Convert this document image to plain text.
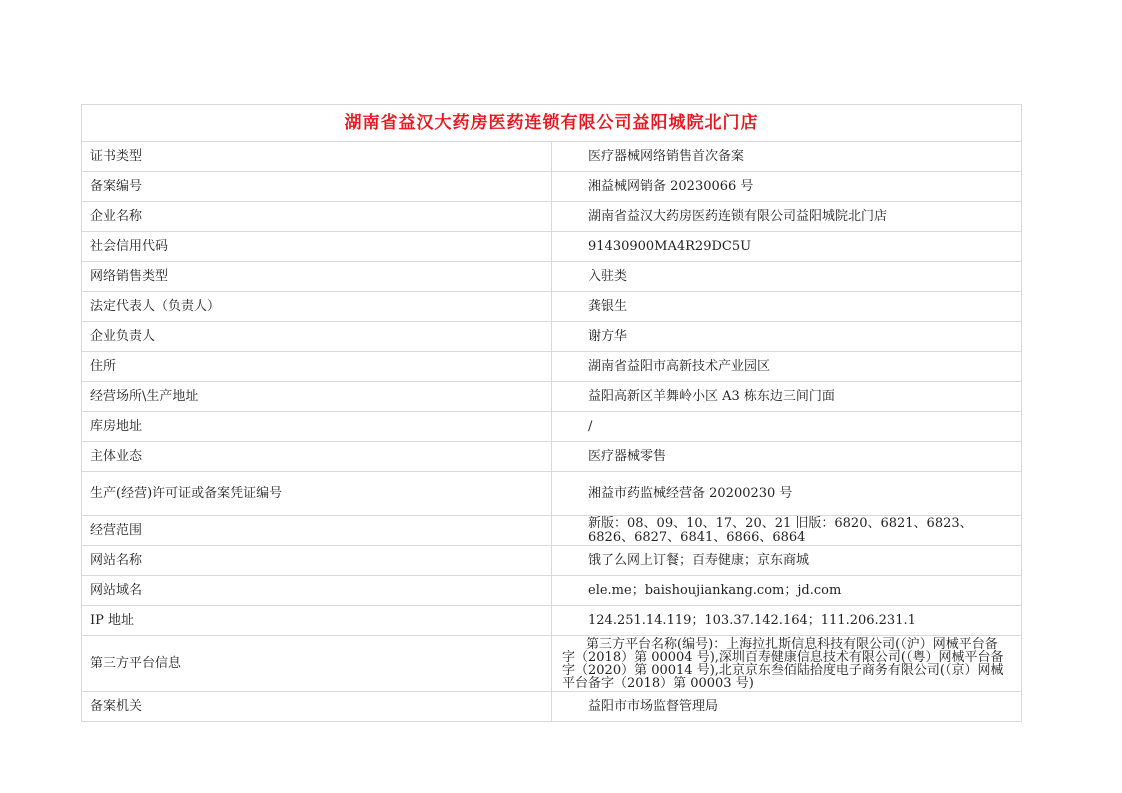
湖南省益汉大药房医药连锁有限公司益阳城院北门店	
证书类型	医疗器械网络销售首次备案
备案编号	湘益械网销备 20230066 号
企业名称	湖南省益汉大药房医药连锁有限公司益阳城院北门店
社会信用代码	91430900MA4R29DC5U
网络销售类型	入驻类
法定代表人（负责人）	龚银生
企业负责人	谢方华
住所	湖南省益阳市高新技术产业园区
经营场所\生产地址	益阳高新区羊舞岭小区 A3 栋东边三间门面
库房地址	/
主体业态	医疗器械零售
生产(经营)许可证或备案凭证编号	湘益市药监械经营备 20200230 号
经营范围	新版：08、09、10、17、20、21 旧版：6820、6821、6823、6826、6827、6841、6866、6864
网站名称	饿了么网上订餐；百寿健康；京东商城
网站域名	ele.me；baishoujiankang.com；jd.com
IP 地址	124.251.14.119；103.37.142.164；111.206.231.1
第三方平台信息	第三方平台名称(编号)：上海拉扎斯信息科技有限公司(（沪）网械平台备字（2018）第 00004 号),深圳百寿健康信息技术有限公司(（粤）网械平台备字（2020）第 00014 号),北京京东叁佰陆拾度电子商务有限公司(（京）网械平台备字（2018）第 00003 号)
备案机关	益阳市市场监督管理局
